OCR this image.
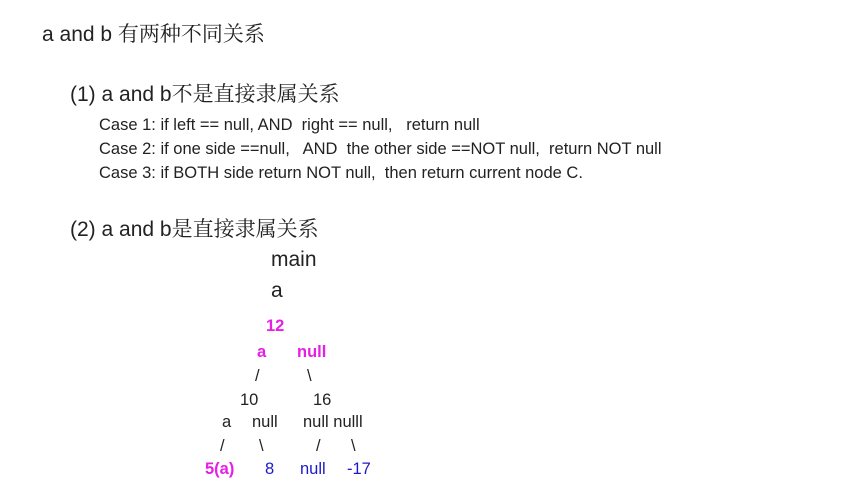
a and b 有两种不同关系
(1) a and b不是直接隶属关系
Case 1: if left == null, AND  right == null,   return null
Case 2: if one side ==null,   AND  the other side ==NOT null,  return NOT null
Case 3: if BOTH side return NOT null,  then return current node C.
(2) a and b是直接隶属关系
main
a
12
a null
/	\
10	16
a null null nulll
/ \	/ \
5(a) 8 null -17
